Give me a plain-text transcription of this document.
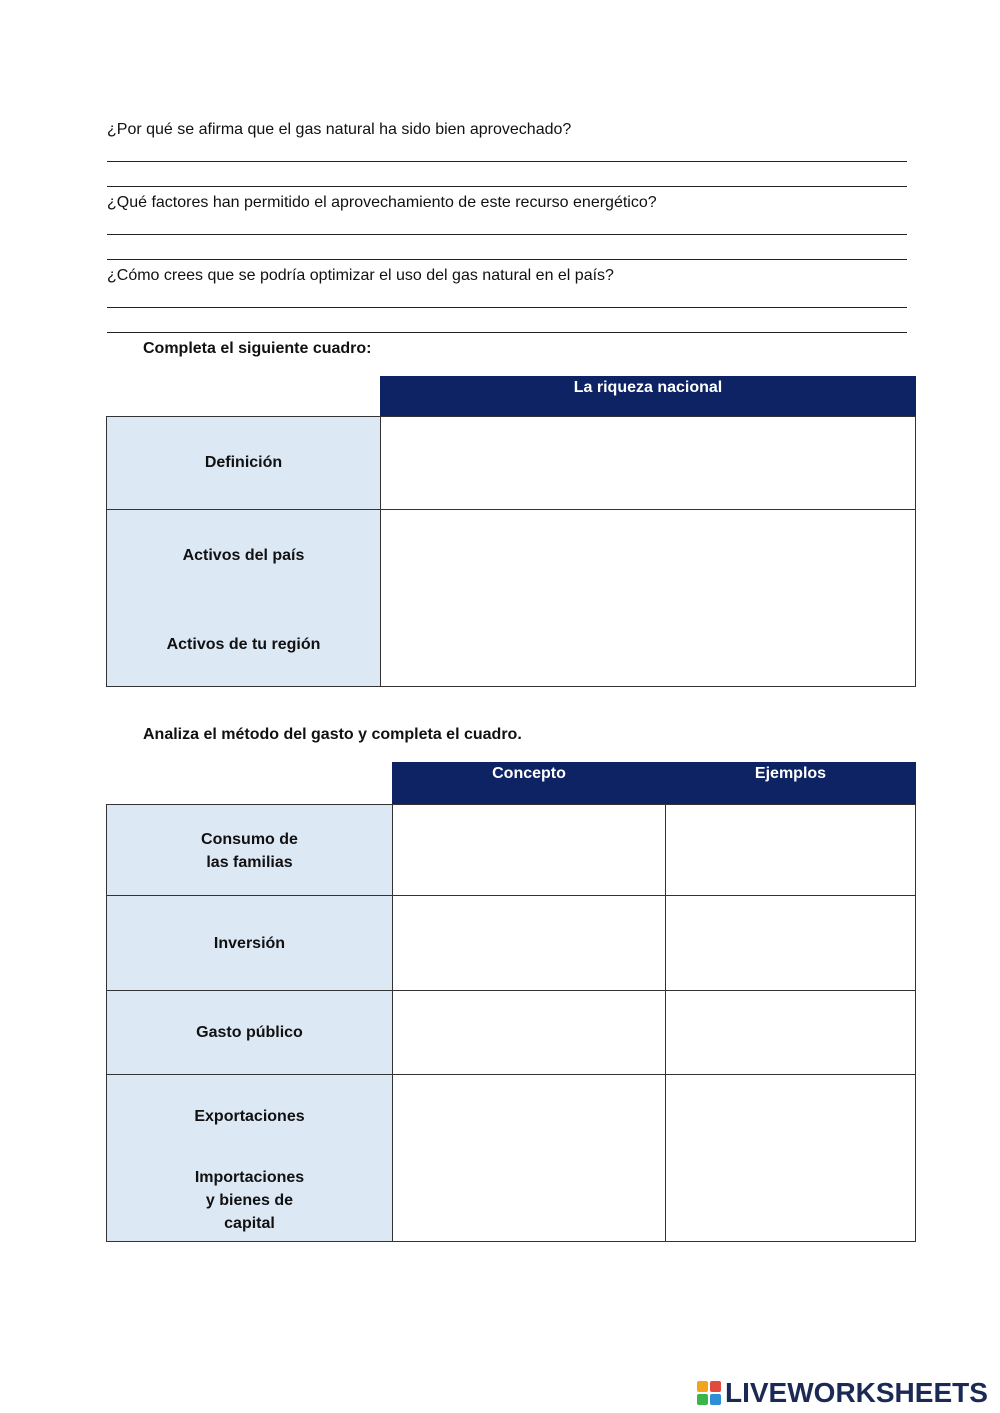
¿Por qué se afirma que el gas natural ha sido bien aprovechado?
¿Qué factores han permitido el aprovechamiento de este recurso energético?
¿Cómo crees que se podría optimizar el uso del gas natural en el país?
Completa el siguiente cuadro:
La riqueza nacional
Definición
Activos del país
Activos de tu región
Analiza el método del gasto y completa el cuadro.
Concepto	Ejemplos
Consumo de
las familias
Inversión
Gasto público
Exportaciones
Importaciones
y bienes de
capital
LIVEWORKSHEETS
